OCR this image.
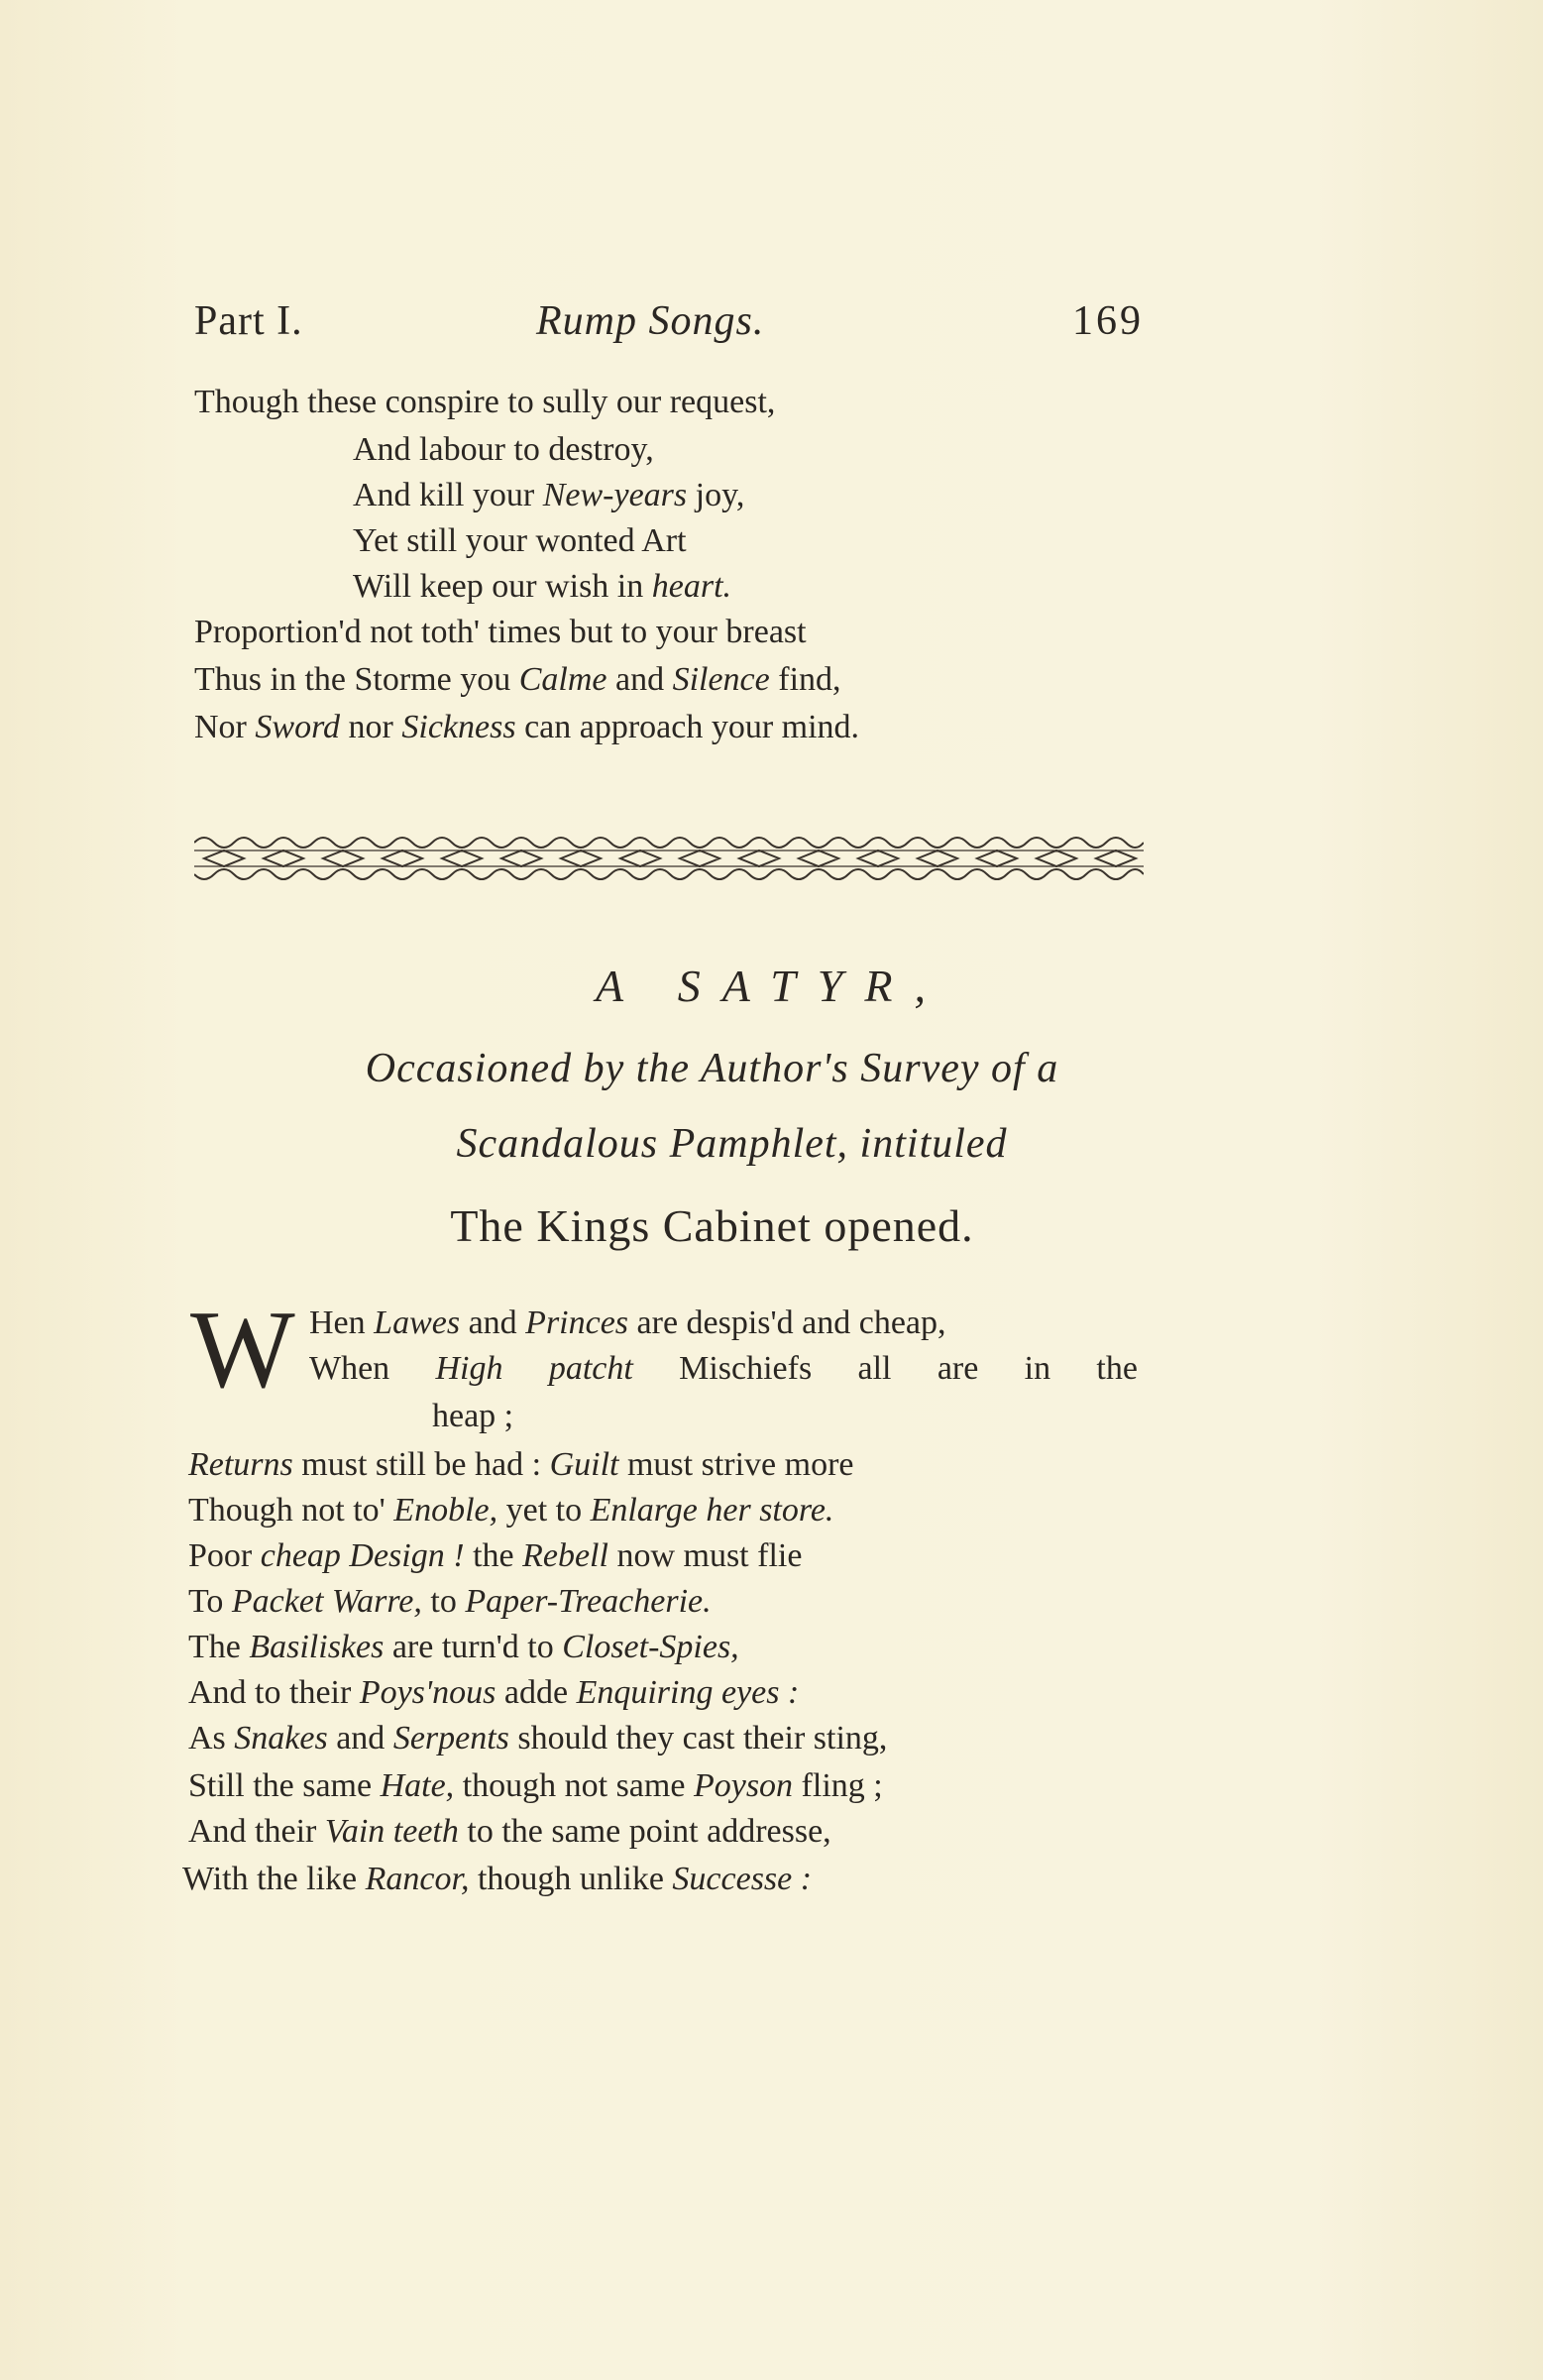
Part I.	Rump Songs.	169
Though these conspire to sully our request,
And labour to destroy,
And kill your New-years joy,
Yet still your wonted Art
Will keep our wish in heart.
Proportion'd not toth' times but to your breast
Thus in the Storme you Calme and Silence find,
Nor Sword nor Sickness can approach your mind.
A SATYR,
Occasioned by the Author's Survey of a
Scandalous Pamphlet, intituled
The Kings Cabinet opened.
W Hen Lawes and Princes are despis'd and cheap,
When High patcht Mischiefs all are in the
heap ;
Returns must still be had : Guilt must strive more
Though not to' Enoble, yet to Enlarge her store.
Poor cheap Design ! the Rebell now must flie
To Packet Warre, to Paper-Treacherie.
The Basiliskes are turn'd to Closet-Spies,
And to their Poys'nous adde Enquiring eyes :
As Snakes and Serpents should they cast their sting,
Still the same Hate, though not same Poyson fling ;
And their Vain teeth to the same point addresse,
With the like Rancor, though unlike Successe :
